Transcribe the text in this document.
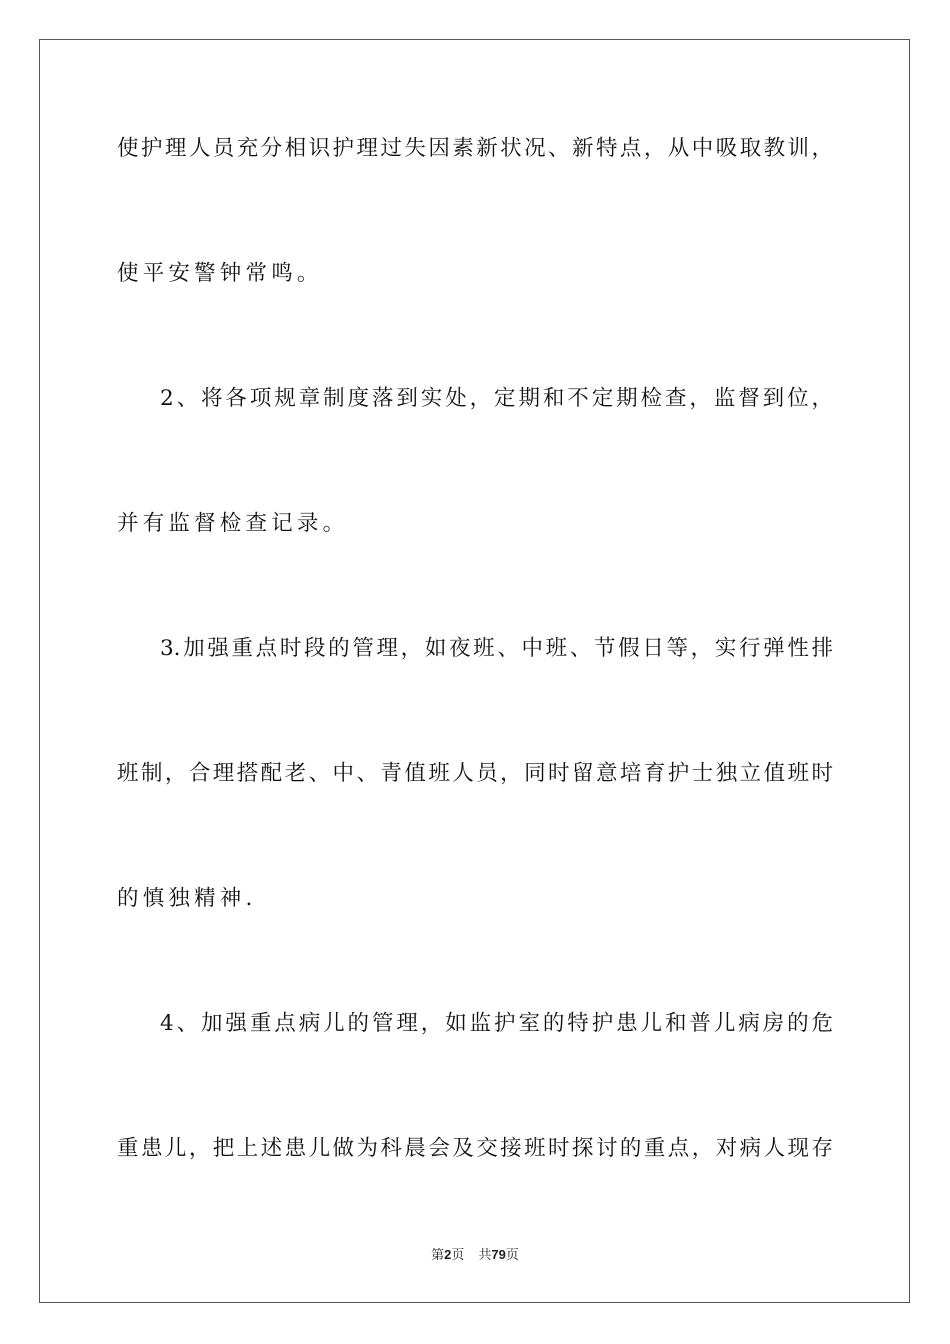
使护理人员充分相识护理过失因素新状况、新特点，从中吸取教训，
使平安警钟常鸣。
2、将各项规章制度落到实处，定期和不定期检查，监督到位，
并有监督检查记录。
3.加强重点时段的管理，如夜班、中班、节假日等，实行弹性排
班制，合理搭配老、中、青值班人员，同时留意培育护士独立值班时
的慎独精神.
4、加强重点病儿的管理，如监护室的特护患儿和普儿病房的危
重患儿，把上述患儿做为科晨会及交接班时探讨的重点，对病人现存
第2页 共79页
